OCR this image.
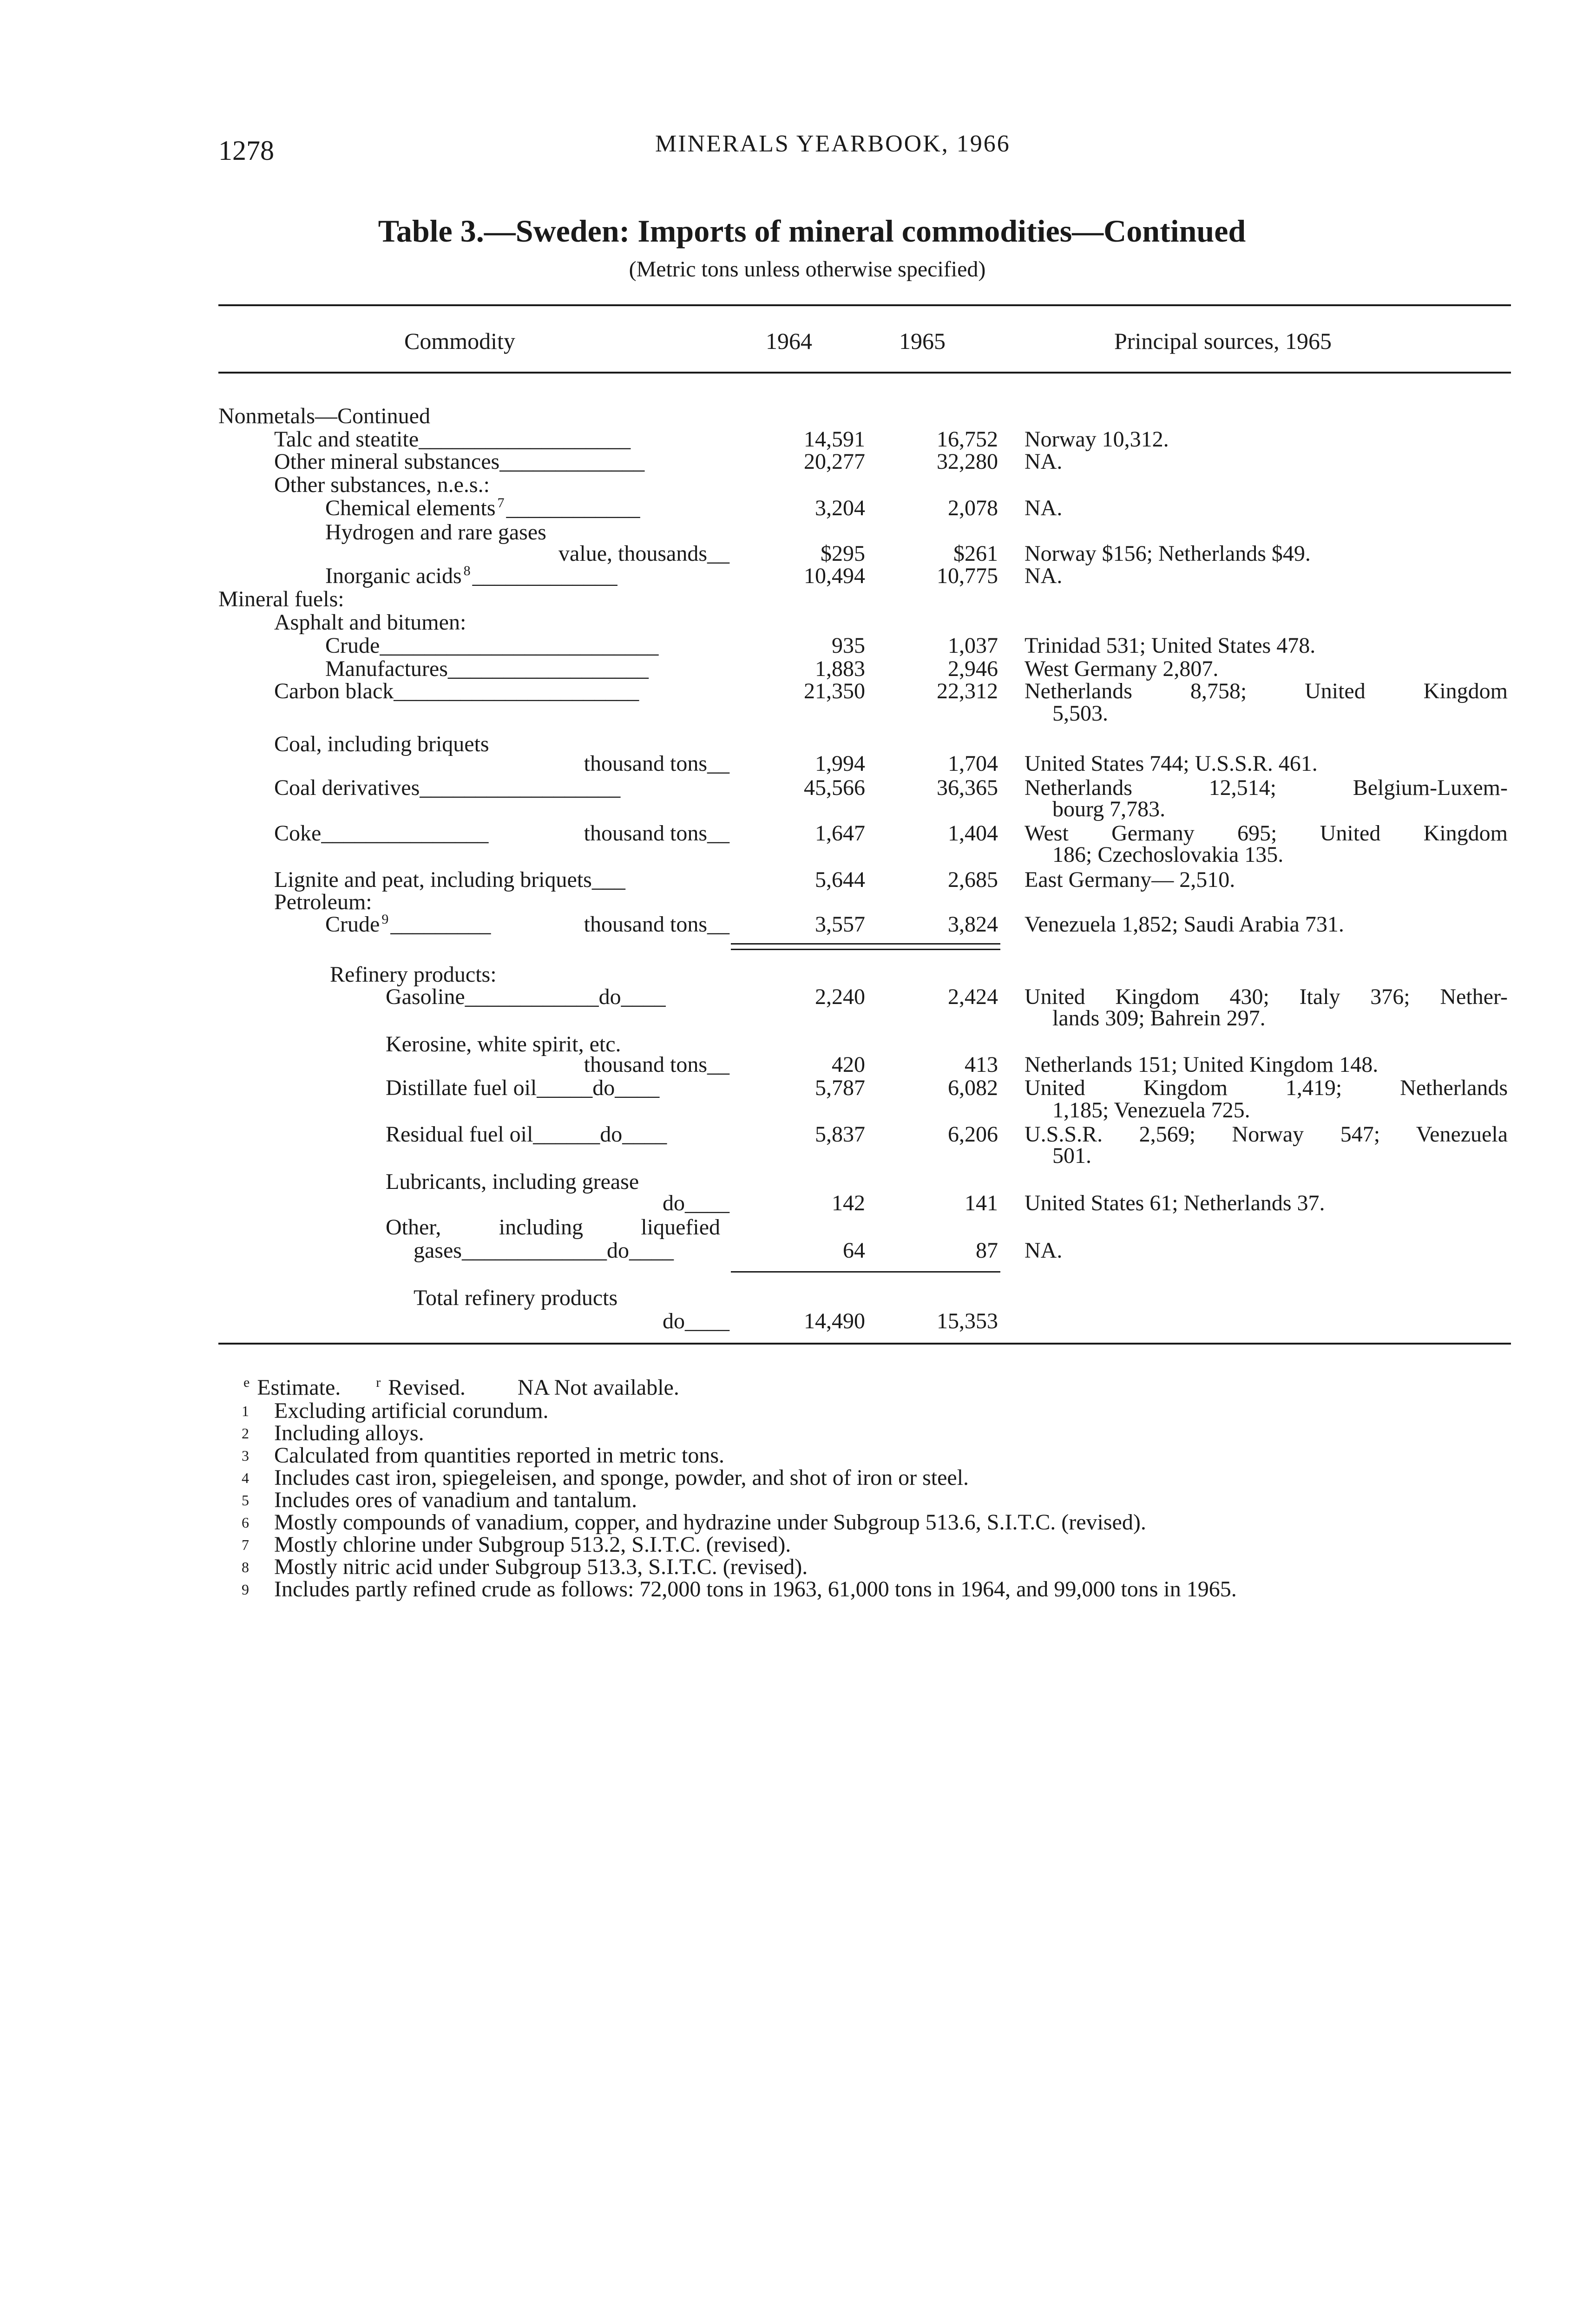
1278	MINERALS YEARBOOK, 1966
Table 3.—Sweden: Imports of mineral commodities—Continued
(Metric tons unless otherwise specified)
Commodity	1964	1965	Principal sources, 1965
Nonmetals—Continued
Talc and steatite___________________	14,591	16,752 Norway 10,312.
Other mineral substances_____________	20,277	32,280 NA.
Other substances, n.e.s.:
Chemical elements $^7$____________	3,204	2,078 NA.
Hydrogen and rare gases
value, thousands__	$295	$261 Norway $156; Netherlands $49.
Inorganic acids $^8$_____________	10,494	10,775 NA.
Mineral fuels:
Asphalt and bitumen:
Crude_________________________	935	1,037 Trinidad 531; United States 478.
Manufactures__________________	1,883	2,946 West Germany 2,807.
Carbon black______________________	21,350	22,312 Netherlands 8,758; United Kingdom
5,503.
Coal, including briquets
thousand tons__	1,994	1,704 United States 744; U.S.S.R. 461.
Coal derivatives__________________	45,566	36,365 Netherlands 12,514; Belgium-Luxem-
bourg 7,783.
Coke_______________	thousand tons__	1,647	1,404 West Germany 695; United Kingdom
186; Czechoslovakia 135.
Lignite and peat, including briquets___	5,644	2,685 East Germany— 2,510.
Petroleum:
Crude $^9$_________	thousand tons__	3,557	3,824 Venezuela 1,852; Saudi Arabia 731.
Refinery products:
Gasoline____________do____	2,240	2,424 United Kingdom 430; Italy 376; Nether-
lands 309; Bahrein 297.
Kerosine, white spirit, etc.
thousand tons__	420	413 Netherlands 151; United Kingdom 148.
Distillate fuel oil_____do____	5,787	6,082 United Kingdom 1,419; Netherlands
1,185; Venezuela 725.
Residual fuel oil______do____	5,837	6,206 U.S.S.R. 2,569; Norway 547; Venezuela
501.
Lubricants, including grease
do____	142	141 United States 61; Netherlands 37.
Other, including liquefied
gases_____________do____	64	87 NA.
Total refinery products
do____	14,490	15,353
$^e$ Estimate.	$^r$ Revised. NA Not available.
1 Excluding artificial corundum.
2 Including alloys.
3 Calculated from quantities reported in metric tons.
4 Includes cast iron, spiegeleisen, and sponge, powder, and shot of iron or steel.
5 Includes ores of vanadium and tantalum.
6 Mostly compounds of vanadium, copper, and hydrazine under Subgroup 513.6, S.I.T.C. (revised).
7 Mostly chlorine under Subgroup 513.2, S.I.T.C. (revised).
8 Mostly nitric acid under Subgroup 513.3, S.I.T.C. (revised).
9 Includes partly refined crude as follows: 72,000 tons in 1963, 61,000 tons in 1964, and 99,000 tons in 1965.
